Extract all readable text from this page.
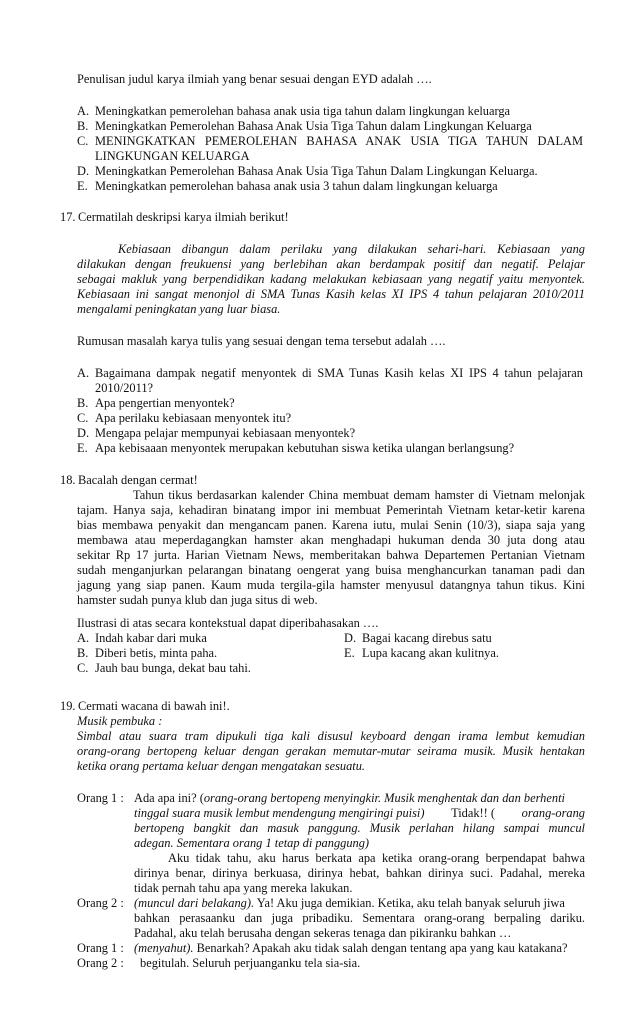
Penulisan judul karya ilmiah yang benar sesuai dengan EYD adalah ….
A. Meningkatkan pemerolehan bahasa anak usia tiga tahun dalam lingkungan keluarga
B. Meningkatkan Pemerolehan Bahasa Anak Usia Tiga Tahun dalam Lingkungan Keluarga
C. MENINGKATKAN PEMEROLEHAN BAHASA ANAK USIA TIGA TAHUN DALAM
LINGKUNGAN KELUARGA
D. Meningkatkan Pemerolehan Bahasa Anak Usia Tiga Tahun Dalam Lingkungan Keluarga.
E. Meningkatkan pemerolehan bahasa anak usia 3 tahun dalam lingkungan keluarga
17. Cermatilah deskripsi karya ilmiah berikut!
Kebiasaan dibangun dalam perilaku yang dilakukan sehari-hari. Kebiasaan yang
dilakukan dengan freukuensi yang berlebihan akan berdampak positif dan negatif. Pelajar
sebagai makluk yang berpendidikan kadang melakukan kebiasaan yang negatif yaitu menyontek.
Kebiasaan ini sangat menonjol di SMA Tunas Kasih kelas XI IPS 4 tahun pelajaran 2010/2011
mengalami peningkatan yang luar biasa.
Rumusan masalah karya tulis yang sesuai dengan tema tersebut adalah ….
A. Bagaimana dampak negatif menyontek di SMA Tunas Kasih kelas XI IPS 4 tahun pelajaran
2010/2011?
B. Apa pengertian menyontek?
C. Apa perilaku kebiasaan menyontek itu?
D. Mengapa pelajar mempunyai kebiasaan menyontek?
E. Apa kebisaaan menyontek merupakan kebutuhan siswa ketika ulangan berlangsung?
18. Bacalah dengan cermat!
Tahun tikus berdasarkan kalender China membuat demam hamster di Vietnam melonjak
tajam. Hanya saja, kehadiran binatang impor ini membuat Pemerintah Vietnam ketar-ketir karena
bias membawa penyakit dan mengancam panen. Karena iutu, mulai Senin (10/3), siapa saja yang
membawa atau meperdagangkan hamster akan menghadapi hukuman denda 30 juta dong atau
sekitar Rp 17 jurta. Harian Vietnam News, memberitakan bahwa Departemen Pertanian Vietnam
sudah menganjurkan pelarangan binatang oengerat yang buisa menghancurkan tanaman padi dan
jagung yang siap panen. Kaum muda tergila-gila hamster menyusul datangnya tahun tikus. Kini
hamster sudah punya klub dan juga situs di web.
Ilustrasi di atas secara kontekstual dapat diperibahasakan ….
A. Indah kabar dari muka
B. Diberi betis, minta paha.
C. Jauh bau bunga, dekat bau tahi.
D. Bagai kacang direbus satu
E. Lupa kacang akan kulitnya.
19. Cermati wacana di bawah ini!.
Musik pembuka :
Simbal atau suara tram dipukuli tiga kali disusul keyboard dengan irama lembut kemudian
orang-orang bertopeng keluar dengan gerakan memutar-mutar seirama musik. Musik hentakan
ketika orang pertama keluar dengan mengatakan sesuatu.
Orang 1 : Ada apa ini? ( orang-orang bertopeng menyingkir. Musik menghentak dan dan berhenti
tinggal suara musik lembut mendengung mengiringi puisi) Tidak!! ( orang-orang
bertopeng bangkit dan masuk panggung. Musik perlahan hilang sampai muncul
adegan. Sementara orang 1 tetap di panggung)
Aku tidak tahu, aku harus berkata apa ketika orang-orang berpendapat bahwa
dirinya benar, dirinya berkuasa, dirinya hebat, bahkan dirinya suci. Padahal, mereka
tidak pernah tahu apa yang mereka lakukan.
Orang 2 : (muncul dari belakang). Ya! Aku juga demikian. Ketika, aku telah banyak seluruh jiwa
bahkan perasaanku dan juga pribadiku. Sementara orang-orang berpaling dariku.
Padahal, aku telah berusaha dengan sekeras tenaga dan pikiranku bahkan …
Orang 1 : (menyahut). Benarkah? Apakah aku tidak salah dengan tentang apa yang kau katakana?
Orang 2 : begitulah. Seluruh perjuanganku tela sia-sia.
